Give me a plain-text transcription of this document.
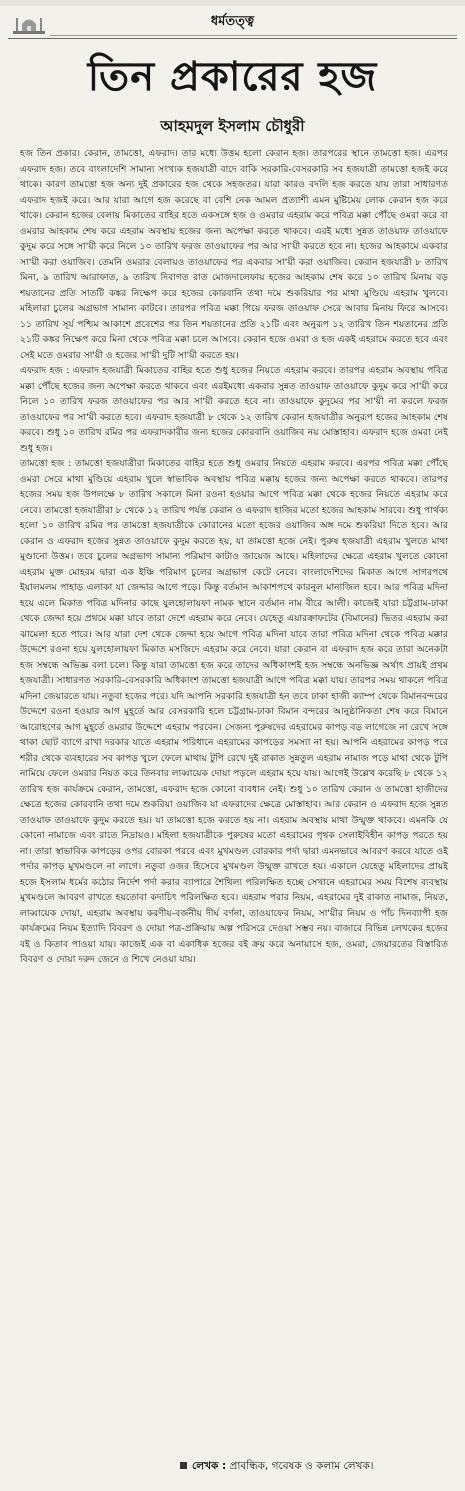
ধর্মতত্ত্ব
তিন প্রকারের হজ
আহমদুল ইসলাম চৌধুরী

হজ তিন প্রকার। কেরান, তামত্তো, এফরাদ। তার মধ্যে উত্তম হলো কেরান হজ। তারপরের স্থানে তামত্তো হজ। এরপর এফরাদ হজ। তবে বাংলাদেশি সামান্য সংখ্যক হজযাত্রী বাদে বাকি সরকারি-বেসরকারি সব হজযাত্রী তামত্তো হজই করে থাকে। কারণ তামত্তো হজ অন্য দুই প্রকারের হজ থেকে সহজতর। যারা কারও বদলি হজ করতে যায় তারা সাধারণত এফরাদ হজই করে। আর যারা আগে হজ করেছে বা বেশি নেক আমল প্রত্যাশী এমন মুষ্টিমেয় লোক কেরান হজ করে থাকে। কেরান হজের বেলায় মিকাতের বাহির হতে একসঙ্গে হজ ও ওমরার এহরাম করে পবিত্র মক্কা পৌঁছে ওমরা করে বা ওমরার আহকাম শেষ করে এহরাম অবস্থায় হজের জন্য অপেক্ষা করতে থাকবে। এরই মধ্যে সুন্নত তাওয়াফ তাওয়াফে কুদুম করে সঙ্গে সা'য়ী করে নিলে ১০ তারিখ ফরজ তাওয়াফের পর আর সা'য়ী করতে হবে না। হজের আহকামে একবার সা'য়ী করা ওয়াজিব। তেমনি ওমরার বেলায়ও তাওয়াফের পর একবার সা'য়ী করা ওয়াজিব। কেরান হজযাত্রী ৮ তারিখ মিনা, ৯ তারিখ আরাফাত, ৯ তারিখ দিবাগত রাত মোজদালেফায় হজের আহকাম শেষ করে ১০ তারিখ মিনায় বড় শয়তানের প্রতি সাতটি কঙ্কর নিক্ষেপ করে হজের কোরবানি তথা দমে শুকরিয়ার পর মাথা মুণ্ডিয়ে এহরাম খুলবে। মহিলারা চুলের অগ্রভাগ সামান্য কাটবে। তারপর পবিত্র মক্কা গিয়ে ফরজ তাওয়াফ সেরে আবার মিনায় ফিরে আসবে। ১১ তারিখ সূর্য পশ্চিম আকাশে প্রবেশের পর তিন শয়তানের প্রতি ২১টি এবং অনুরূপ ১২ তারিখ তিন শয়তানের প্রতি ২১টি কঙ্কর নিক্ষেপ করে মিনা থেকে পবিত্র মক্কা চলে আসবে। কেরান হজে ওমরা ও হজ একই এহরামে করতে হবে এবং সেই মতে ওমরার সা'য়ী ও হজের সা'য়ী দুটি সা'য়ী করতে হয়।

এফরাদ হজ : এফরাদ হজযাত্রী মিকাতের বাহির হতে শুধু হজের নিয়তে এহরাম করবে। তারপর এহরাম অবস্থায় পবিত্র মক্কা পৌঁছে হজের জন্য অপেক্ষা করতে থাকবে এবং এরইমধ্যে একবার সুন্নত তাওয়াফ তাওয়াফে কুদুম করে সা'য়ী করে নিলে ১০ তারিখ ফরজ তাওয়াফের পর আর সা'য়ী করতে হবে না। তাওয়াফে কুদুমের পর সা'য়ী না করলে ফরজ তাওয়াফের পর সা'য়ী করতে হবে। এফরাদ হজযাত্রী ৮ থেকে ১২ তারিখ কেরান হজযাত্রীর অনুরূপ হজের আহকাম শেষ করবে। শুধু ১০ তারিখ রমির পর এফরাদকারীর জন্য হজের কোরবানি ওয়াজিব নয় মোস্তাহাব। এফরাদ হজে ওমরা নেই শুধু হজ।

তামত্তো হজ : তামত্তো হজযাত্রীরা মিকাতের বাহির হতে শুধু ওমরার নিয়তে এহরাম করবে। এরপর পবিত্র মক্কা পৌঁছে ওমরা সেরে মাথা মুণ্ডিয়ে এহরাম খুলে স্বাভাবিক অবস্থায় পবিত্র মক্কায় হজের জন্য অপেক্ষা করতে থাকবে। তারপর হজের সময় হজ উপলক্ষে ৮ তারিখ সকালে মিনা রওনা হওয়ার আগে পবিত্র মক্কা থেকে হজের নিয়তে এহরাম করে নেবে। তামত্তো হজযাত্রীরা ৮ থেকে ১২ তারিখ পর্যন্ত কেরান ও এফরাদ হাজির মতো হজের আহকাম সারবে। শুধু পার্থক্য হলো ১০ তারিখ রমির পর তামত্তো হজযাত্রীকে কোরানের মতো হজের ওয়াজিব অঙ্গ দমে শুকরিয়া দিতে হবে। আর কেরান ও এফরাদ হজের সুন্নত তাওয়াফে কুদুম করতে হয়, যা তামত্তো হজে নেই। পুরুষ হজযাত্রী এহরাম খুলতে মাথা মুণ্ডানো উত্তম। তবে চুলের অগ্রভাগ সামান্য পরিমাণ কাটাও জায়েজ আছে। মহিলাদের ক্ষেত্রে এহরাম খুলতে কোনো এহরাম মুক্ত মোহরম দ্বারা এক ইঞ্চি পরিমাণ চুলের অগ্রভাগ কেটে নেবে। বাংলাদেশিদের মিকাত আগে সাগরপথে ইয়ালমলম পাহাড় এলাকা যা জেদ্দার আগে পড়ে। কিন্তু বর্তমান আকাশপথে কারনুল মানাজিল হবে। আর পবিত্র মদিনা হয়ে এলে মিকাত পবিত্র মদিনার কাছে যুলহোলায়ফা নামক স্থানে বর্তমান নাম বীরে আলী। কাজেই যারা চট্টগ্রাম-ঢাকা থেকে জেদ্দা হয়ে প্রথমে মক্কা যাবে তারা দেশে এহরাম করে নেবে। যেহেতু এয়ারক্রাফটের (বিমানের) ভিতর এহরাম করা ঝামেলা হতে পারে। আর যারা দেশ থেকে জেদ্দা হয়ে আগে পবিত্র মদিনা যাবে তারা পবিত্র মদিনা থেকে পবিত্র মক্কার উদ্দেশে রওনা হয়ে যুলহোলায়ফা মিকাত মসজিদে এহরাম করে নেবে। যারা কেরান বা এফরাদ হজ করে তারা অনেকটা হজ সম্বন্ধে অভিজ্ঞ বলা চলে। কিন্তু যারা তামত্তো হজ করে তাদের অধিকাংশই হজ সম্বন্ধে অনভিজ্ঞ অর্থাৎ প্রায়ই প্রথম হজযাত্রী। সাধারণত সরকারি-বেসরকারি অধিকাংশ তামত্তো হজযাত্রী আগে পবিত্র মক্কা যায়। তারপর সময় থাকলে পবিত্র মদিনা জেয়ারতে যায়। নতুবা হজের পরে। যদি আপনি সরকারি হজযাত্রী হন তবে ঢাকা হাজী ক্যাম্প থেকে বিমানবন্দরের উদ্দেশে রওনা হওয়ার আগ মুহূর্তে আর বেসরকারি হলে চট্টগ্রাম-ঢাকা বিমান বন্দরের আনুষ্ঠানিকতা শেষ করে বিমানে আরোহণের আগ মুহূর্তে ওমরার উদ্দেশে এহরাম পরবেন। সেজন্য পুরুষদের এহরামের কাপড় বড় লাগেজে না রেখে সঙ্গে থাকা ছোট ব্যাগে রাখা দরকার যাতে এহরাম পরিধানে এহরামের কাপড়ের সমস্যা না হয়। আপনি এহরামের কাপড় পরে শরীর থেকে ব্যবহারের সব কাপড় খুলে ফেলে মাথায় টুপি রেখে দুই রাকাত সুন্নতুল এহরাম নামাজ পড়ে মাথা থেকে টুপি নামিয়ে ফেলে ওমরার নিয়ত করে তিনবার লাব্বায়েক দোয়া পড়লে এহরাম হয়ে যায়। আগেই উল্লেখ করেছি ৮ থেকে ১২ তারিখ হজ কার্যক্রমে কেরান, তামত্তো, এফরাদ হজে কোনো ব্যবধান নেই। শুধু ১০ তারিখ কেরান ও তামত্তো হাজীদের ক্ষেত্রে হজের কোরবানি তথা দমে শুকরিয়া ওয়াজিব যা এফরাদের ক্ষেত্রে মোস্তাহাব। আর কেরান ও এফরাদ হজে সুন্নত তাওয়াফ তাওয়াফে কুদুম করতে হয়। যা তামত্তো হজে করতে হয় না। এহরাম অবস্থায় মাথা উন্মুক্ত থাকবে। এমনকি যে কোনো নামাজে এবং রাতে নিদ্রায়ও। মহিলা হজযাত্রীকে পুরুষের মতো এহরামের পৃথক সেলাইবিহীন কাপড় পরতে হয় না। তারা স্বাভাবিক কাপড়ের ওপর বোরকা পরবে এবং মুখমণ্ডল বোরকার পর্দা দ্বারা এমনভাবে আবরণ করবে যাতে ওই পর্দার কাপড় মুখমণ্ডলে না লাগে। নতুবা ওজর হিসেবে মুখমণ্ডল উন্মুক্ত রাখতে হয়। একালে যেহেতু মহিলাদের প্রায়ই হজে ইসলাম ধর্মের কঠোর নির্দেশ পর্দা করার ব্যাপারে শৈথিল্য পরিলক্ষিত হচ্ছে সেখানে এহরামের সময় বিশেষ ব্যবস্থায় মুখমণ্ডলে আবরণ রাখতে হয়তোবা কদাচিৎ পরিলক্ষিত হবে। এহরাম পরার নিয়ম, এহরামের দুই রাকাত নামাজ, নিয়ত, লাব্বায়েক দোয়া, এহরাম অবস্থায় করণীয়-বর্জনীয় দীর্ঘ বর্ণনা, তাওয়াফের নিয়ম, সা'য়ীর নিয়ম ও পাঁচ দিনব্যাপী হজ কার্যক্রমের নিয়ম ইত্যাদি বিবরণ ও দোয়া পত্র-প্রক্রিয়ায় অল্প পরিসরে দেওয়া সম্ভব নয়। বাজারে বিভিন্ন লেখকের হজের বই ও কিতাব পাওয়া যায়। কাজেই এক বা একাধিক হজের বই ক্রয় করে অনায়াসে হজ, ওমরা, জেয়ারতের বিস্তারিত বিবরণ ও দোয়া দরুদ জেনে ও শিখে নেওয়া যায়।

লেখক : প্রাবন্ধিক, গবেষক ও কলাম লেখক।
